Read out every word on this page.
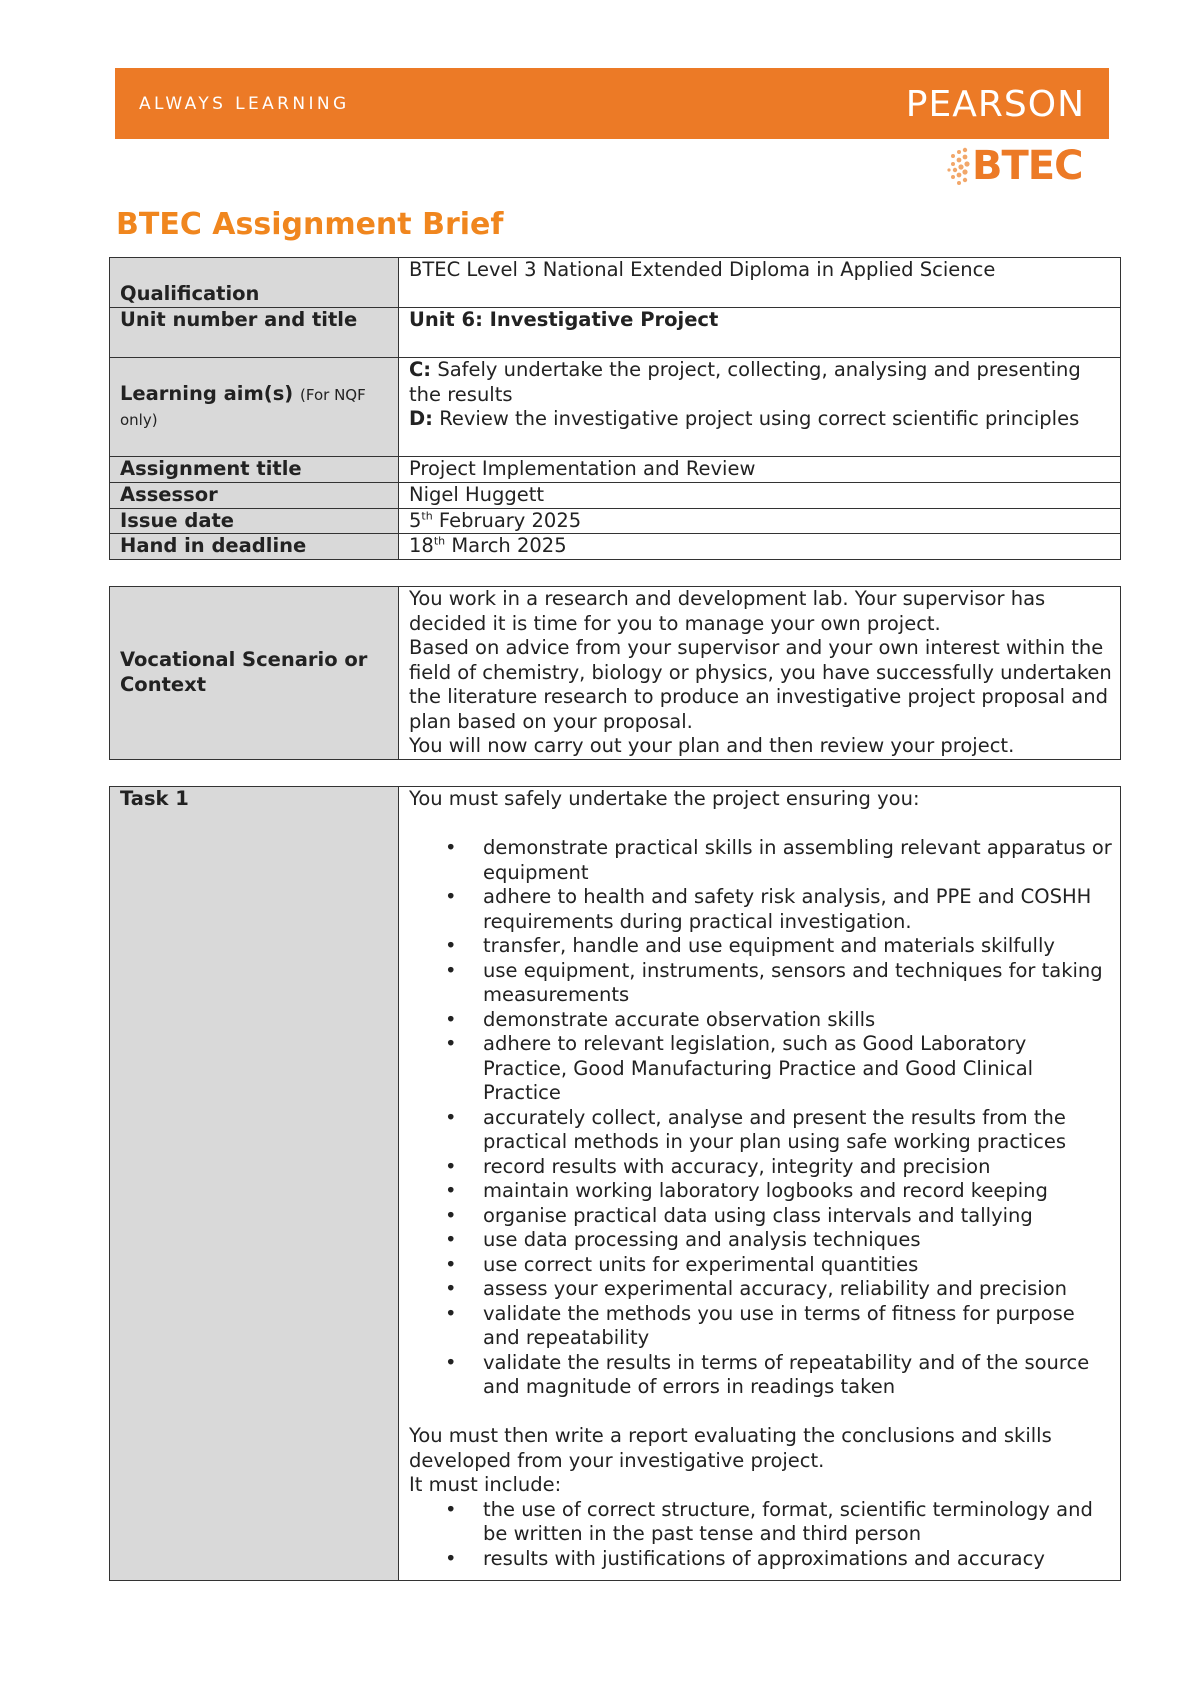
ALWAYS LEARNING	PEARSON
BTEC
BTEC Assignment Brief
Qualification	BTEC Level 3 National Extended Diploma in Applied Science
Unit number and title	Unit 6: Investigative Project
Learning aim(s) (For NQF only)	C: Safely undertake the project, collecting, analysing and presenting the results
D: Review the investigative project using correct scientific principles

Assignment title	Project Implementation and Review
Assessor	Nigel Huggett
Issue date	5th February 2025
Hand in deadline	18th March 2025
Vocational Scenario or Context	
You work in a research and development lab. Your supervisor has decided it is time for you to manage your own project.
Based on advice from your supervisor and your own interest within the field of chemistry, biology or physics, you have successfully undertaken the literature research to produce an investigative project proposal and plan based on your proposal.
You will now carry out your plan and then review your project.
Task 1	You must safely undertake the project ensuring you:
• demonstrate practical skills in assembling relevant apparatus or equipment
• adhere to health and safety risk analysis, and PPE and COSHH requirements during practical investigation.
• transfer, handle and use equipment and materials skilfully
• use equipment, instruments, sensors and techniques for taking measurements
• demonstrate accurate observation skills
• adhere to relevant legislation, such as Good Laboratory Practice, Good Manufacturing Practice and Good Clinical Practice
• accurately collect, analyse and present the results from the practical methods in your plan using safe working practices
• record results with accuracy, integrity and precision
• maintain working laboratory logbooks and record keeping
• organise practical data using class intervals and tallying
• use data processing and analysis techniques
• use correct units for experimental quantities
• assess your experimental accuracy, reliability and precision
• validate the methods you use in terms of fitness for purpose and repeatability
• validate the results in terms of repeatability and of the source and magnitude of errors in readings taken
You must then write a report evaluating the conclusions and skills developed from your investigative project.
It must include:
• the use of correct structure, format, scientific terminology and be written in the past tense and third person
• results with justifications of approximations and accuracy
